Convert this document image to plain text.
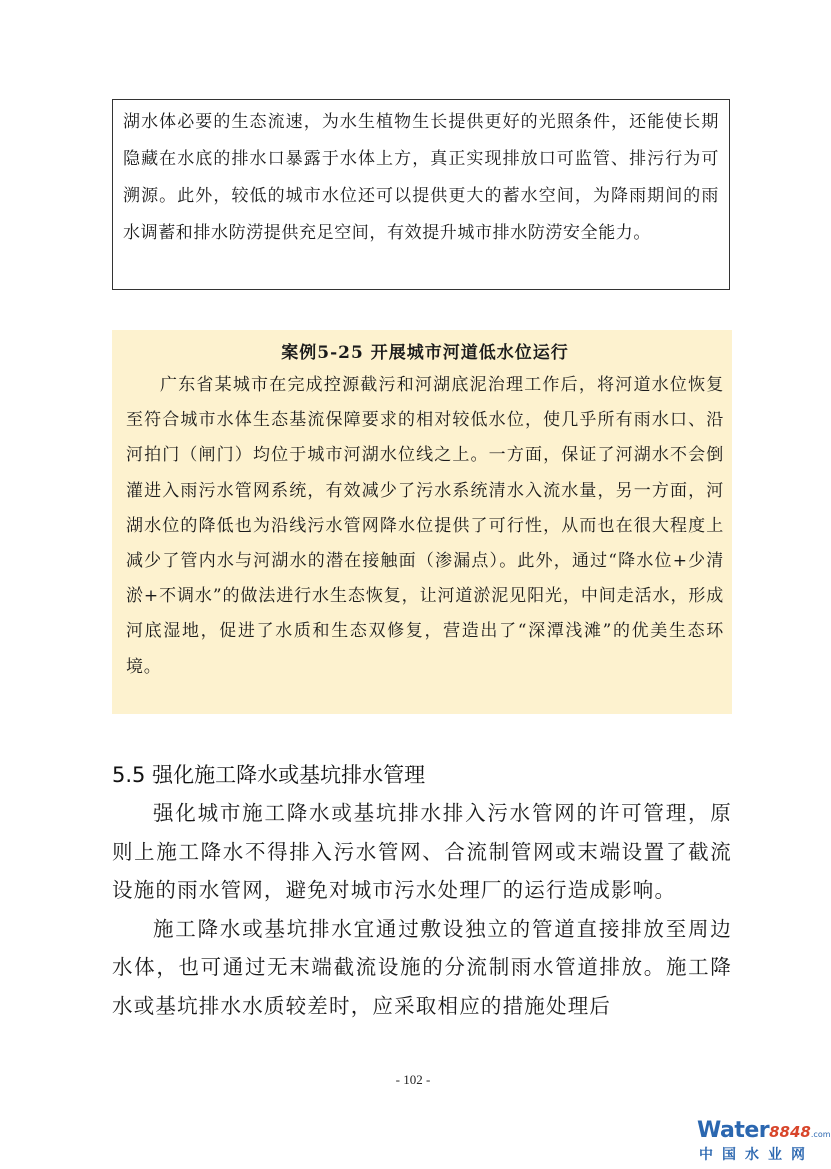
湖水体必要的生态流速，为水生植物生长提供更好的光照条件，还能使长期隐藏在水底的排水口暴露于水体上方，真正实现排放口可监管、排污行为可溯源。此外，较低的城市水位还可以提供更大的蓄水空间，为降雨期间的雨水调蓄和排水防涝提供充足空间，有效提升城市排水防涝安全能力。

案例5-25 开展城市河道低水位运行

广东省某城市在完成控源截污和河湖底泥治理工作后，将河道水位恢复至符合城市水体生态基流保障要求的相对较低水位，使几乎所有雨水口、沿河拍门（闸门）均位于城市河湖水位线之上。一方面，保证了河湖水不会倒灌进入雨污水管网系统，有效减少了污水系统清水入流水量，另一方面，河湖水位的降低也为沿线污水管网降水位提供了可行性，从而也在很大程度上减少了管内水与河湖水的潜在接触面（渗漏点）。此外，通过“降水位+少清淤+不调水”的做法进行水生态恢复，让河道淤泥见阳光，中间走活水，形成河底湿地，促进了水质和生态双修复，营造出了“深潭浅滩”的优美生态环境。

5.5 强化施工降水或基坑排水管理

强化城市施工降水或基坑排水排入污水管网的许可管理，原则上施工降水不得排入污水管网、合流制管网或末端设置了截流设施的雨水管网，避免对城市污水处理厂的运行造成影响。

施工降水或基坑排水宜通过敷设独立的管道直接排放至周边水体，也可通过无末端截流设施的分流制雨水管道排放。施工降水或基坑排水水质较差时，应采取相应的措施处理后

- 102 -
Water8848.com
中国水业网
